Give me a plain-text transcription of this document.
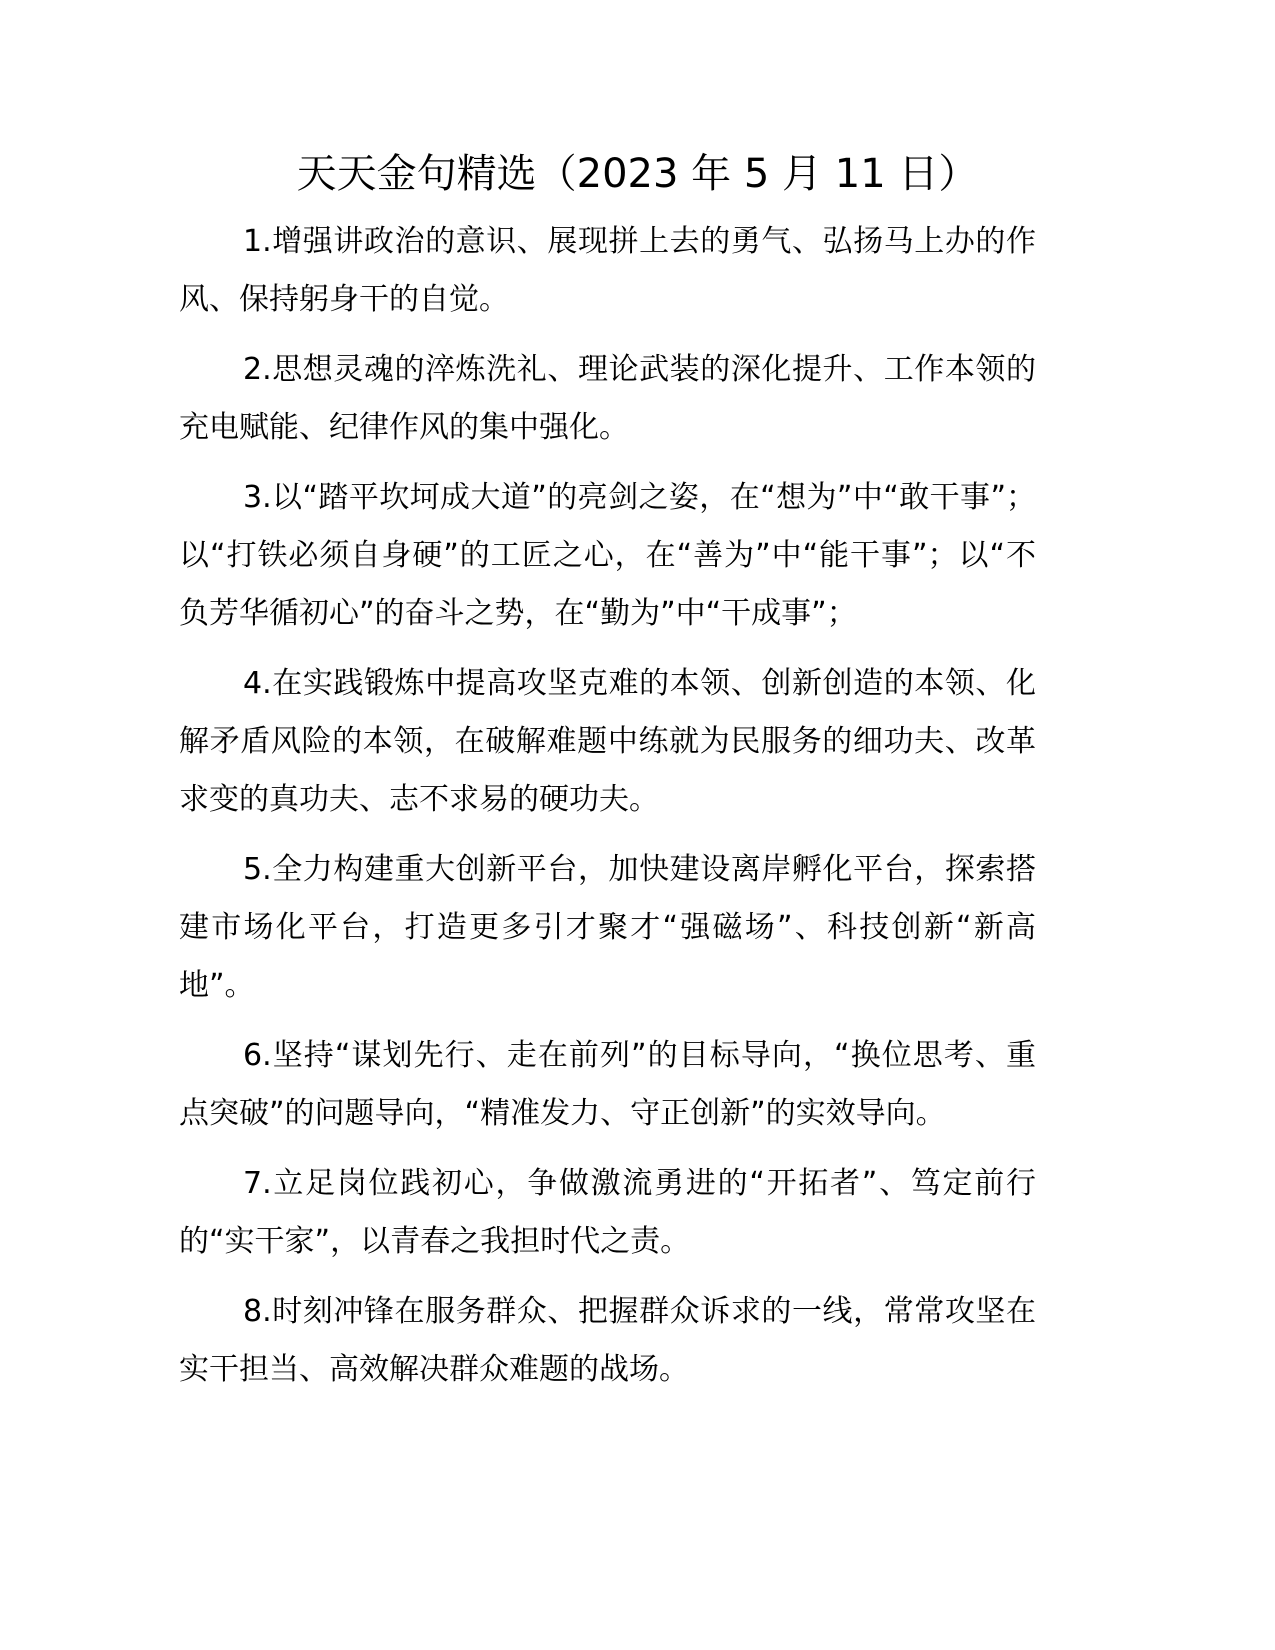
天天金句精选（2023 年 5 月 11 日）

1.增强讲政治的意识、展现拼上去的勇气、弘扬马上办的作风、保持躬身干的自觉。

2.思想灵魂的淬炼洗礼、理论武装的深化提升、工作本领的充电赋能、纪律作风的集中强化。

3.以“踏平坎坷成大道”的亮剑之姿，在“想为”中“敢干事”；以“打铁必须自身硬”的工匠之心，在“善为”中“能干事”；以“不负芳华循初心”的奋斗之势，在“勤为”中“干成事”；

4.在实践锻炼中提高攻坚克难的本领、创新创造的本领、化解矛盾风险的本领，在破解难题中练就为民服务的细功夫、改革求变的真功夫、志不求易的硬功夫。

5.全力构建重大创新平台，加快建设离岸孵化平台，探索搭建市场化平台，打造更多引才聚才“强磁场”、科技创新“新高地”。

6.坚持“谋划先行、走在前列”的目标导向，“换位思考、重点突破”的问题导向，“精准发力、守正创新”的实效导向。

7.立足岗位践初心，争做激流勇进的“开拓者”、笃定前行的“实干家”，以青春之我担时代之责。

8.时刻冲锋在服务群众、把握群众诉求的一线，常常攻坚在实干担当、高效解决群众难题的战场。
